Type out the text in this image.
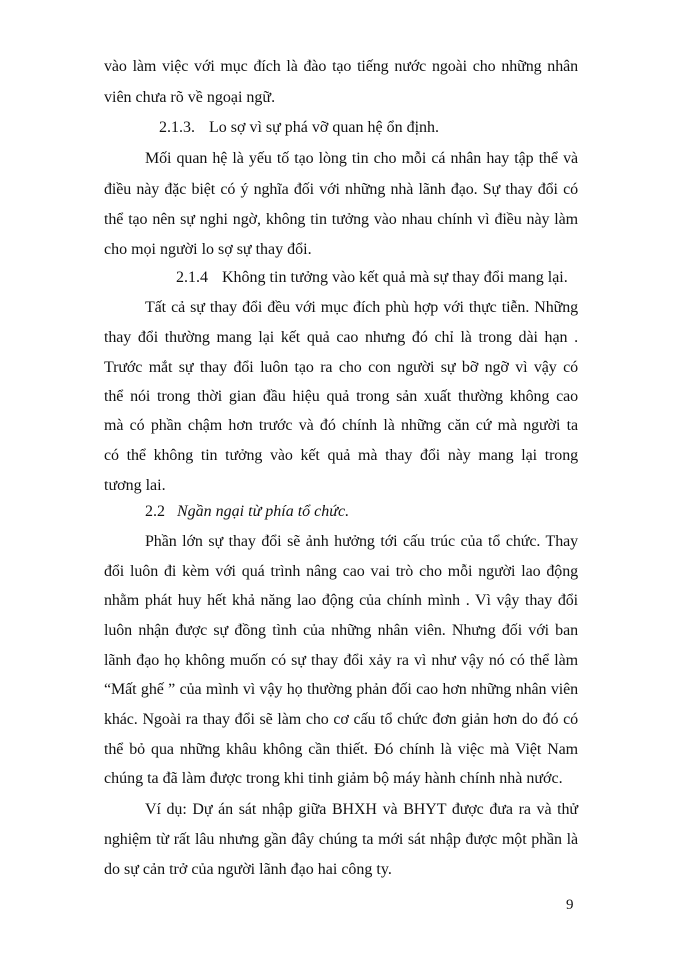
vào làm việc với mục đích là đào tạo tiếng nước ngoài cho những nhân
viên chưa rõ về ngoại ngữ.
2.1.3. Lo sợ vì sự phá vỡ quan hệ ổn định.
Mối quan hệ là yếu tố tạo lòng tin cho mỗi cá nhân hay tập thể và
điều này đặc biệt có ý nghĩa đối với những nhà lãnh đạo. Sự thay đổi có
thể tạo nên sự nghi ngờ, không tin tưởng vào nhau chính vì điều này làm
cho mọi người lo sợ sự thay đổi.
2.1.4 Không tin tưởng vào kết quả mà sự thay đổi mang lại.
Tất cả sự thay đổi đều với mục đích phù hợp với thực tiễn. Những
thay đổi thường mang lại kết quả cao nhưng đó chỉ là trong dài hạn .
Trước mắt sự thay đổi luôn tạo ra cho con người sự bỡ ngỡ vì vậy có
thể nói trong thời gian đầu hiệu quả trong sản xuất thường không cao
mà có phần chậm hơn trước và đó chính là những căn cứ mà người ta
có thể không tin tưởng vào kết quả mà thay đổi này mang lại trong
tương lai.
2.2 Ngần ngại từ phía tổ chức.
Phần lớn sự thay đổi sẽ ảnh hưởng tới cấu trúc của tổ chức. Thay
đổi luôn đi kèm với quá trình nâng cao vai trò cho mỗi người lao động
nhằm phát huy hết khả năng lao động của chính mình . Vì vậy thay đổi
luôn nhận được sự đồng tình của những nhân viên. Nhưng đối với ban
lãnh đạo họ không muốn có sự thay đổi xảy ra vì như vậy nó có thể làm
“Mất ghế ” của mình vì vậy họ thường phản đối cao hơn những nhân viên
khác. Ngoài ra thay đổi sẽ làm cho cơ cấu tổ chức đơn giản hơn do đó có
thể bỏ qua những khâu không cần thiết. Đó chính là việc mà Việt Nam
chúng ta đã làm được trong khi tinh giảm bộ máy hành chính nhà nước.
Ví dụ: Dự án sát nhập giữa BHXH và BHYT được đưa ra và thử
nghiệm từ rất lâu nhưng gần đây chúng ta mới sát nhập được một phần là
do sự cản trở của người lãnh đạo hai công ty.
9
